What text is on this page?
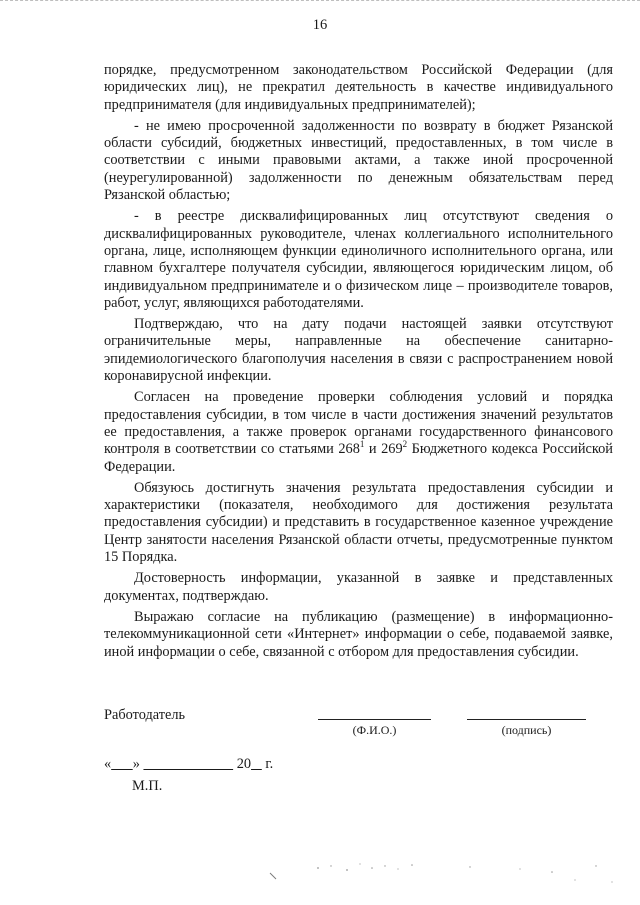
16

порядке, предусмотренном законодательством Российской Федерации (для юридических лиц), не прекратил деятельность в качестве индивидуального предпринимателя (для индивидуальных предпринимателей);

- не имею просроченной задолженности по возврату в бюджет Рязанской области субсидий, бюджетных инвестиций, предоставленных, в том числе в соответствии с иными правовыми актами, а также иной просроченной (неурегулированной) задолженности по денежным обязательствам перед Рязанской областью;

- в реестре дисквалифицированных лиц отсутствуют сведения о дисквалифицированных руководителе, членах коллегиального исполнительного органа, лице, исполняющем функции единоличного исполнительного органа, или главном бухгалтере получателя субсидии, являющегося юридическим лицом, об индивидуальном предпринимателе и о физическом лице – производителе товаров, работ, услуг, являющихся работодателями.

Подтверждаю, что на дату подачи настоящей заявки отсутствуют ограничительные меры, направленные на обеспечение санитарно-эпидемиологического благополучия населения в связи с распространением новой коронавирусной инфекции.

Согласен на проведение проверки соблюдения условий и порядка предоставления субсидии, в том числе в части достижения значений результатов ее предоставления, а также проверок органами государственного финансового контроля в соответствии со статьями $268^1$ и $269^2$ Бюджетного кодекса Российской Федерации.

Обязуюсь достигнуть значения результата предоставления субсидии и характеристики (показателя, необходимого для достижения результата предоставления субсидии) и представить в государственное казенное учреждение Центр занятости населения Рязанской области отчеты, предусмотренные пунктом 15 Порядка.

Достоверность информации, указанной в заявке и представленных документах, подтверждаю.

Выражаю согласие на публикацию (размещение) в информационно-телекоммуникационной сети «Интернет» информации о себе, подаваемой заявке, иной информации о себе, связанной с отбором для предоставления субсидии.

Работодатель
(Ф.И.О.)	(подпись)
« »	20    г.
М.П.
